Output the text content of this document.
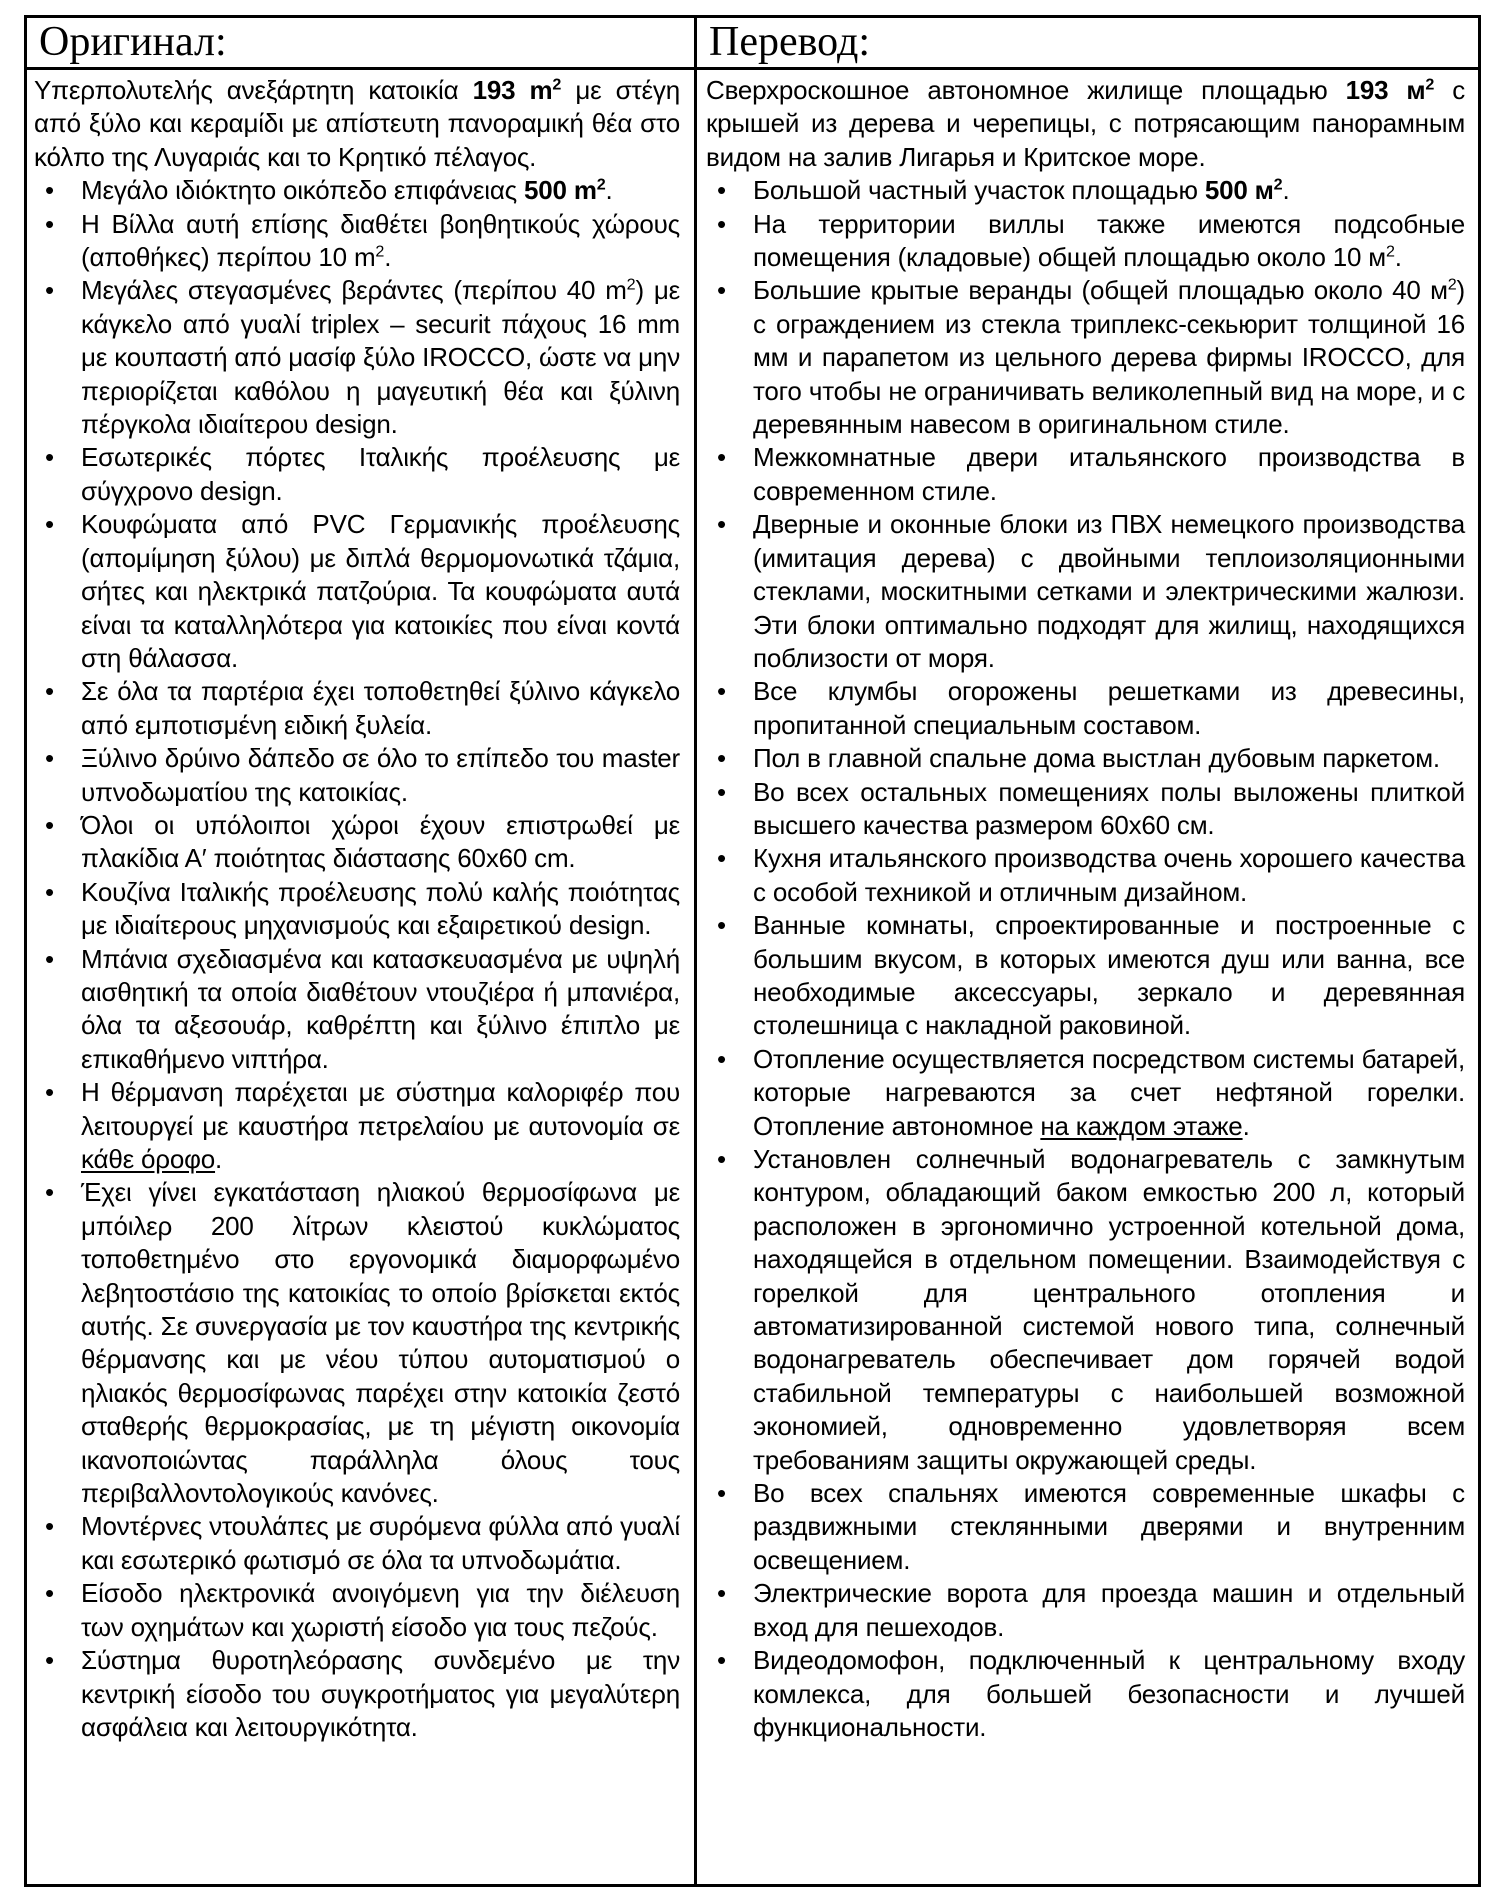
Оригинал:	Перевод:

Υπερπολυτελής ανεξάρτητη κατοικία 193 $m^2$ με στέγη από ξύλο και κεραμίδι με απίστευτη πανοραμική θέα στο κόλπο της Λυγαριάς και το Κρητικό πέλαγος.

• Μεγάλο ιδιόκτητο οικόπεδο επιφάνειας 500 $m^2$.
• Η Βίλλα αυτή επίσης διαθέτει βοηθητικούς χώρους (αποθήκες) περίπου 10 $m^2$.
• Μεγάλες στεγασμένες βεράντες (περίπου 40 $m^2$) με κάγκελο από γυαλί triplex – securit πάχους 16 mm με κουπαστή από μασίφ ξύλο IROCCO, ώστε να μην περιορίζεται καθόλου η μαγευτική θέα και ξύλινη πέργκολα ιδιαίτερου design.
• Εσωτερικές πόρτες Ιταλικής προέλευσης με σύγχρονο design.
• Κουφώματα από PVC Γερμανικής προέλευσης (απομίμηση ξύλου) με διπλά θερμομονωτικά τζάμια, σήτες και ηλεκτρικά πατζούρια. Τα κουφώματα αυτά είναι τα καταλληλότερα για κατοικίες που είναι κοντά στη θάλασσα.
• Σε όλα τα παρτέρια έχει τοποθετηθεί ξύλινο κάγκελο από εμποτισμένη ειδική ξυλεία.
• Ξύλινο δρύινο δάπεδο σε όλο το επίπεδο του master υπνοδωματίου της κατοικίας.
• Όλοι οι υπόλοιποι χώροι έχουν επιστρωθεί με πλακίδια Α′ ποιότητας διάστασης 60x60 cm.
• Κουζίνα Ιταλικής προέλευσης πολύ καλής ποιότητας με ιδιαίτερους μηχανισμούς και εξαιρετικού design.
• Μπάνια σχεδιασμένα και κατασκευασμένα με υψηλή αισθητική τα οποία διαθέτουν ντουζιέρα ή μπανιέρα, όλα τα αξεσουάρ, καθρέπτη και ξύλινο έπιπλο με επικαθήμενο νιπτήρα.
• Η θέρμανση παρέχεται με σύστημα καλοριφέρ που λειτουργεί με καυστήρα πετρελαίου με αυτονομία σε κάθε όροφο.
• Έχει γίνει εγκατάσταση ηλιακού θερμοσίφωνα με μπόιλερ 200 λίτρων κλειστού κυκλώματος τοποθετημένο στο εργονομικά διαμορφωμένο λεβητοστάσιο της κατοικίας το οποίο βρίσκεται εκτός αυτής. Σε συνεργασία με τον καυστήρα της κεντρικής θέρμανσης και με νέου τύπου αυτοματισμού ο ηλιακός θερμοσίφωνας παρέχει στην κατοικία ζεστό σταθερής θερμοκρασίας, με τη μέγιστη οικονομία ικανοποιώντας παράλληλα όλους τους περιβαλλοντολογικούς κανόνες.
• Μοντέρνες ντουλάπες με συρόμενα φύλλα από γυαλί και εσωτερικό φωτισμό σε όλα τα υπνοδωμάτια.
• Είσοδο ηλεκτρονικά ανοιγόμενη για την διέλευση των οχημάτων και χωριστή είσοδο για τους πεζούς.
• Σύστημα θυροτηλεόρασης συνδεμένο με την κεντρική είσοδο του συγκροτήματος για μεγαλύτερη ασφάλεια και λειτουργικότητα.

Сверхроскошное автономное жилище площадью 193 $м^2$ с крышей из дерева и черепицы, с потрясающим панорамным видом на залив Лигарья и Критское море.

• Большой частный участок площадью 500 $м^2$.
• На территории виллы также имеются подсобные помещения (кладовые) общей площадью около 10 $м^2$.
• Большие крытые веранды (общей площадью около 40 $м^2$) с ограждением из стекла триплекс-секьюрит толщиной 16 мм и парапетом из цельного дерева фирмы IROCCO, для того чтобы не ограничивать великолепный вид на море, и с деревянным навесом в оригинальном стиле.
• Межкомнатные двери итальянского производства в современном стиле.
• Дверные и оконные блоки из ПВХ немецкого производства (имитация дерева) с двойными теплоизоляционными стеклами, москитными сетками и электрическими жалюзи. Эти блоки оптимально подходят для жилищ, находящихся поблизости от моря.
• Все клумбы огорожены решетками из древесины, пропитанной специальным составом.
• Пол в главной спальне дома выстлан дубовым паркетом.
• Во всех остальных помещениях полы выложены плиткой высшего качества размером 60х60 см.
• Кухня итальянского производства очень хорошего качества с особой техникой и отличным дизайном.
• Ванные комнаты, спроектированные и построенные с большим вкусом, в которых имеются душ или ванна, все необходимые аксессуары, зеркало и деревянная столешница с накладной раковиной.
• Отопление осуществляется посредством системы батарей, которые нагреваются за счет нефтяной горелки. Отопление автономное на каждом этаже.
• Установлен солнечный водонагреватель с замкнутым контуром, обладающий баком емкостью 200 л, который расположен в эргономично устроенной котельной дома, находящейся в отдельном помещении. Взаимодействуя с горелкой для центрального отопления и автоматизированной системой нового типа, солнечный водонагреватель обеспечивает дом горячей водой стабильной температуры с наибольшей возможной экономией, одновременно удовлетворяя всем требованиям защиты окружающей среды.
• Во всех спальнях имеются современные шкафы с раздвижными стеклянными дверями и внутренним освещением.
• Электрические ворота для проезда машин и отдельный вход для пешеходов.
• Видеодомофон, подключенный к центральному входу комлекса, для большей безопасности и лучшей функциональности.
